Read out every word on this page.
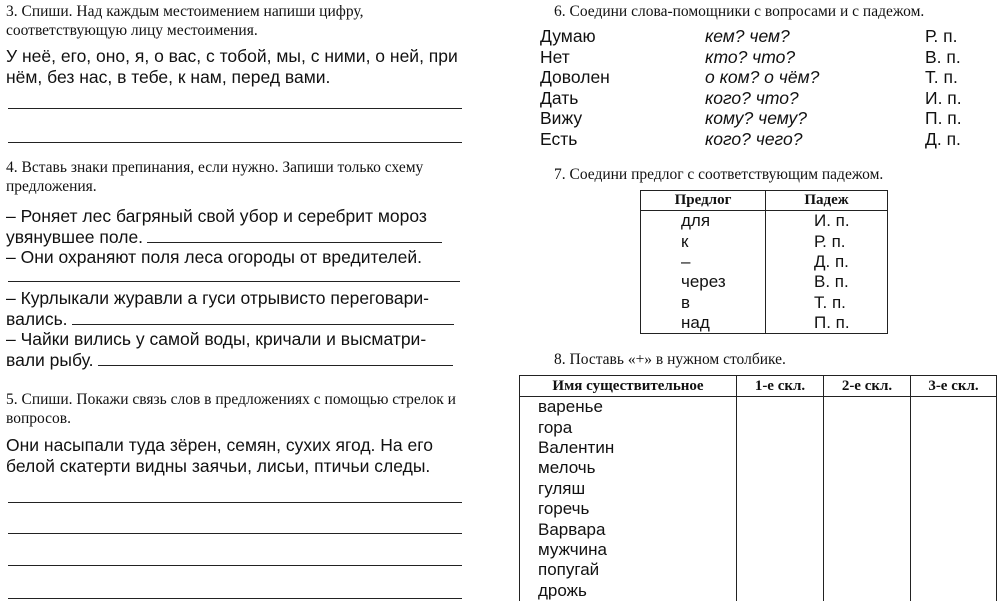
3. Спиши. Над каждым местоимением напиши цифру, соответствующую лицу местоимения.

У неё, его, оно, я, о вас, с тобой, мы, с ними, о ней, при нём, без нас, в тебе, к нам, перед вами.

4. Вставь знаки препинания, если нужно. Запиши только схему предложения.

– Роняет лес багряный свой убор и серебрит мороз

увянувшее поле.

– Они охраняют поля леса огороды от вредителей.

– Курлыкали журавли а гуси отрывисто переговари-

вались.

– Чайки вились у самой воды, кричали и высматри-

вали рыбу.

5. Спиши. Покажи связь слов в предложениях с помощью стрелок и вопросов.

Они насыпали туда зёрен, семян, сухих ягод. На его белой скатерти видны заячьи, лисьи, птичьи следы.

6. Соедини слова-помощники с вопросами и с падежом.

Думаю	кем? чем?	Р. п.
Нет	кто? что?	В. п.
Доволен	о ком? о чём?	Т. п.
Дать	кого? что?	И. п.
Вижу	кому? чему?	П. п.
Есть	кого? чего?	Д. п.

7. Соедини предлог с соответствующим падежом.

Предлог	Падеж
для	И. п.
к	Р. п.
–	Д. п.
через	В. п.
в	Т. п.
над	П. п.

8. Поставь «+» в нужном столбике.

Имя существительное	1-е скл.	2-е скл.	3-е скл.
варенье			
гора			
Валентин			
мелочь			
гуляш			
горечь			
Варвара			
мужчина			
попугай			
дрожь			
